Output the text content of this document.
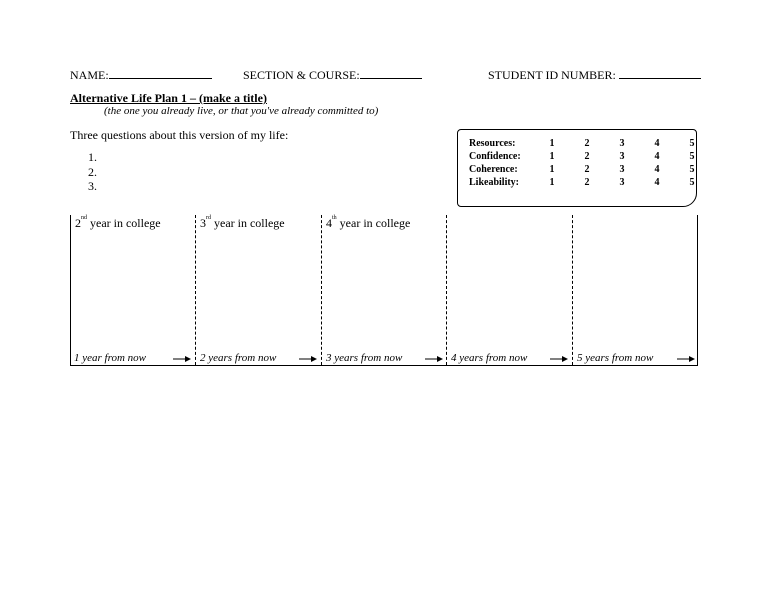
NAME:	SECTION & COURSE:	STUDENT ID NUMBER:
Alternative Life Plan 1 – (make a title)
(the one you already live, or that you've already committed to)
Three questions about this version of my life:
1.
2.
3.
Resources:	1	2	3	4	5
Confidence:	1	2	3	4	5
Coherence:	1	2	3	4	5
Likeability:	1	2	3	4	5
2nd year in college	3rd year in college	4th year in college
1 year from now	2 years from now	3 years from now	4 years from now	5 years from now
